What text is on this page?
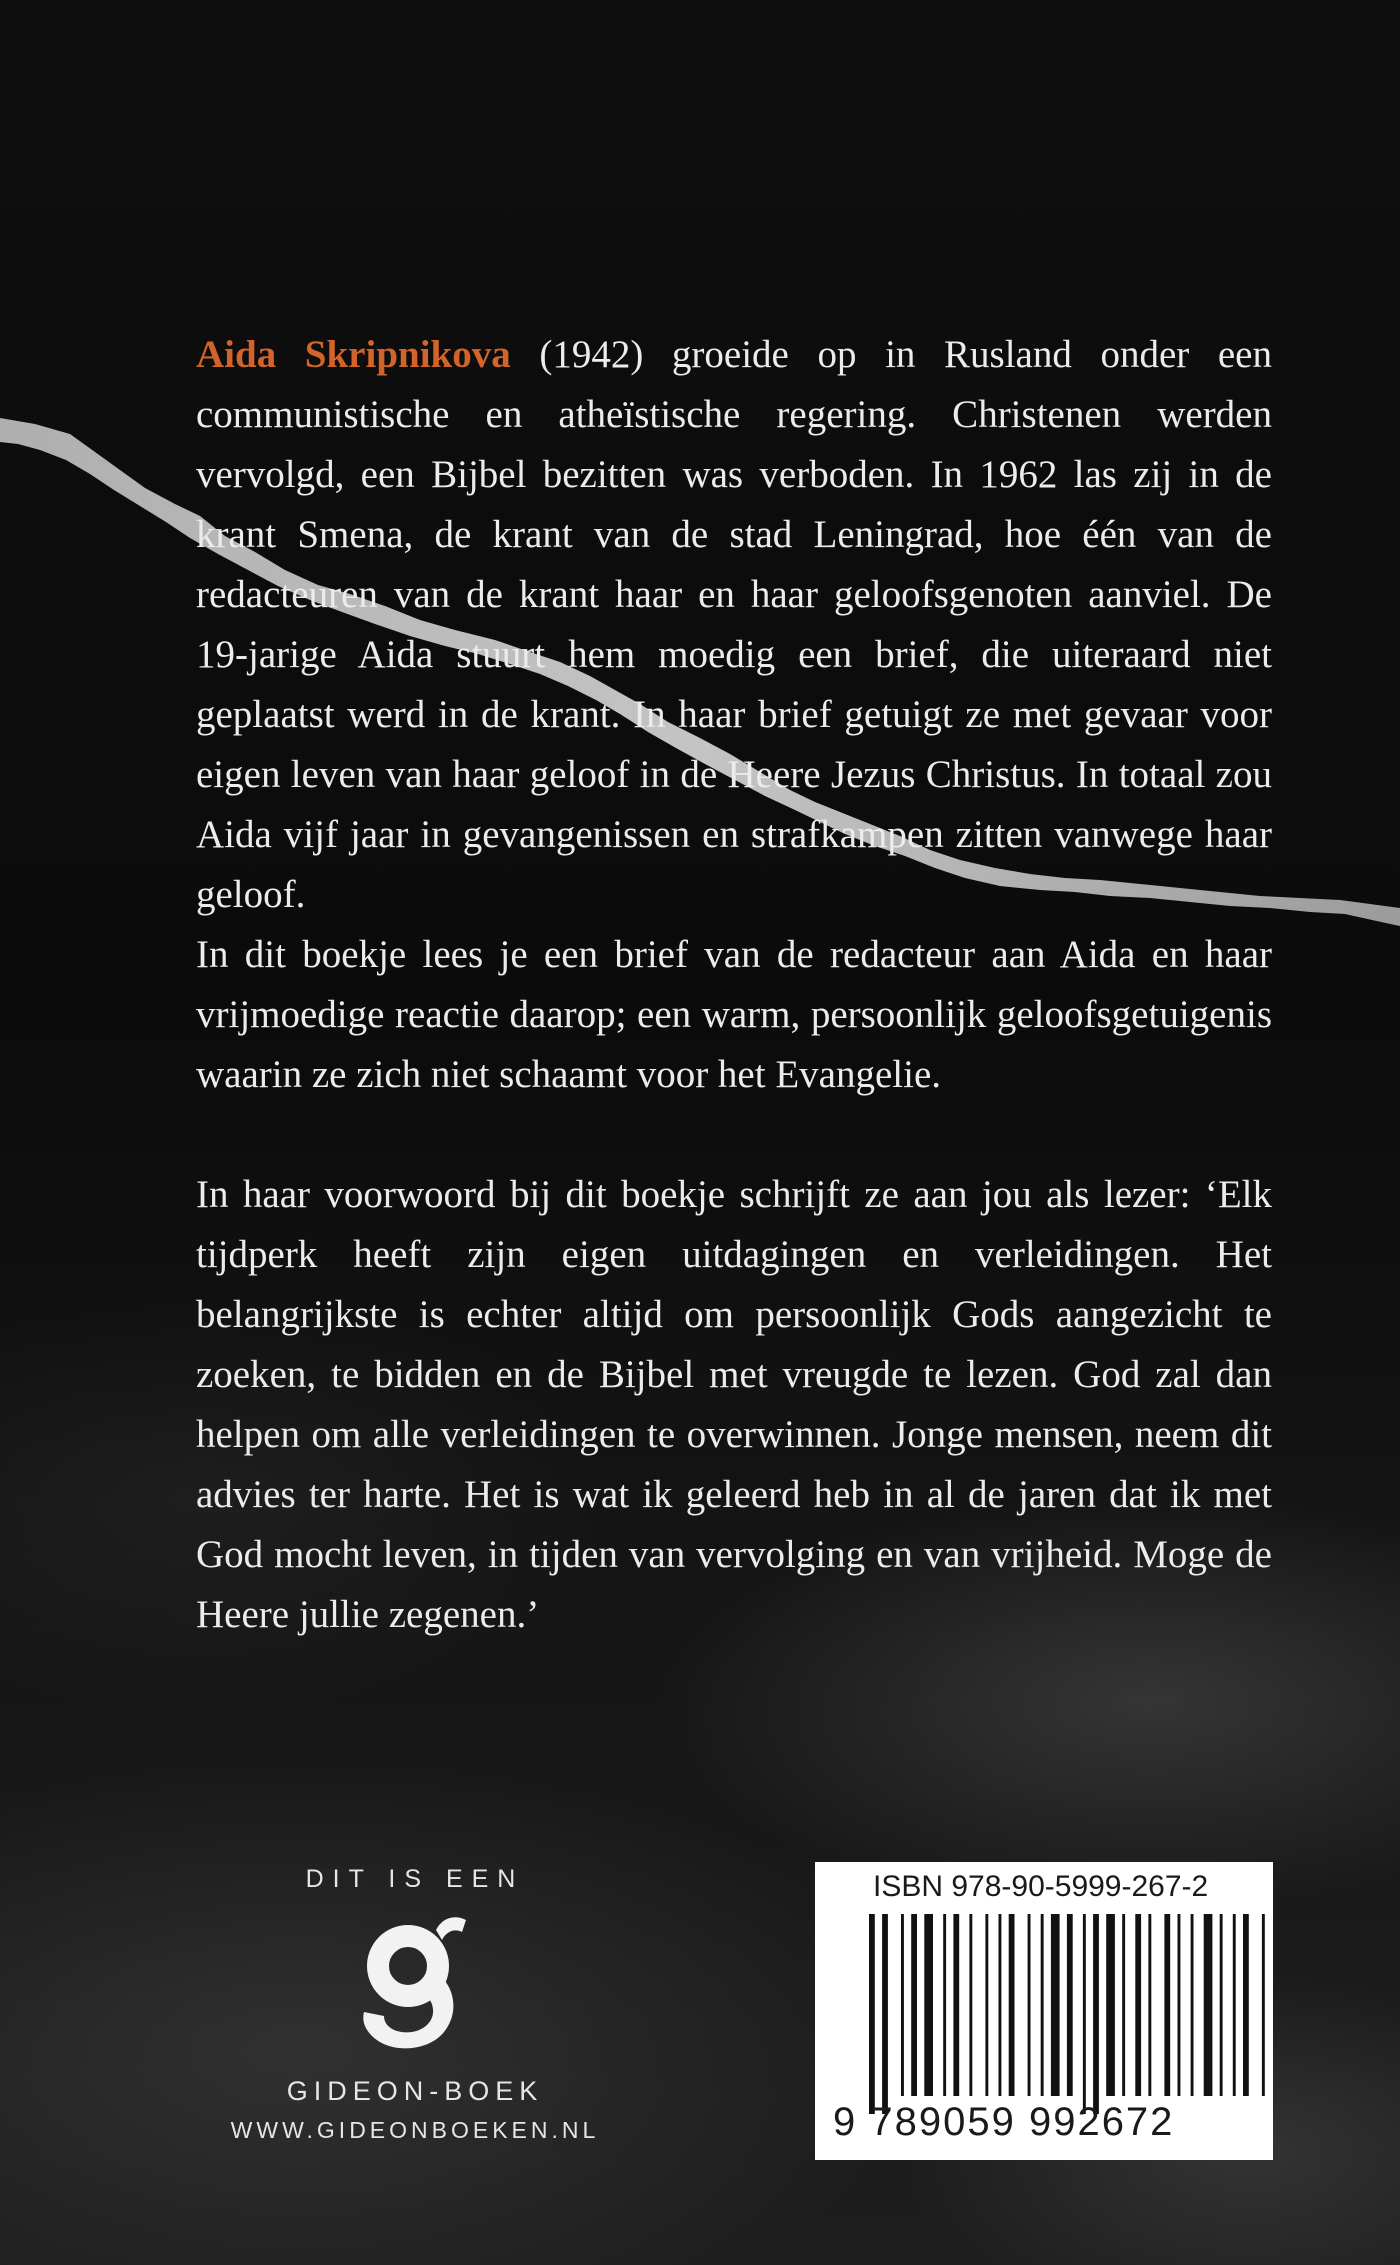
Aida Skripnikova (1942) groeide op in Rusland onder een communistische en atheïstische regering. Christenen werden vervolgd, een Bijbel bezitten was verboden. In 1962 las zij in de krant Smena, de krant van de stad Leningrad, hoe één van de redacteuren van de krant haar en haar geloofsgenoten aanviel. De 19-jarige Aida stuurt hem moedig een brief, die uiteraard niet geplaatst werd in de krant. In haar brief getuigt ze met gevaar voor eigen leven van haar geloof in de Heere Jezus Christus. In totaal zou Aida vijf jaar in gevangenissen en strafkampen zitten vanwege haar geloof.

In dit boekje lees je een brief van de redacteur aan Aida en haar vrijmoedige reactie daarop; een warm, persoonlijk geloofsgetuigenis waarin ze zich niet schaamt voor het Evangelie.

In haar voorwoord bij dit boekje schrijft ze aan jou als lezer: ‘Elk tijdperk heeft zijn eigen uitdagingen en verleidingen. Het belangrijkste is echter altijd om persoonlijk Gods aangezicht te zoeken, te bidden en de Bijbel met vreugde te lezen. God zal dan helpen om alle verleidingen te overwinnen. Jonge mensen, neem dit advies ter harte. Het is wat ik geleerd heb in al de jaren dat ik met God mocht leven, in tijden van vervolging en van vrijheid. Moge de Heere jullie zegenen.’

DIT IS EEN
GIDEON-BOEK
WWW.GIDEONBOEKEN.NL
ISBN 978-90-5999-267-2
9 789059 992672
